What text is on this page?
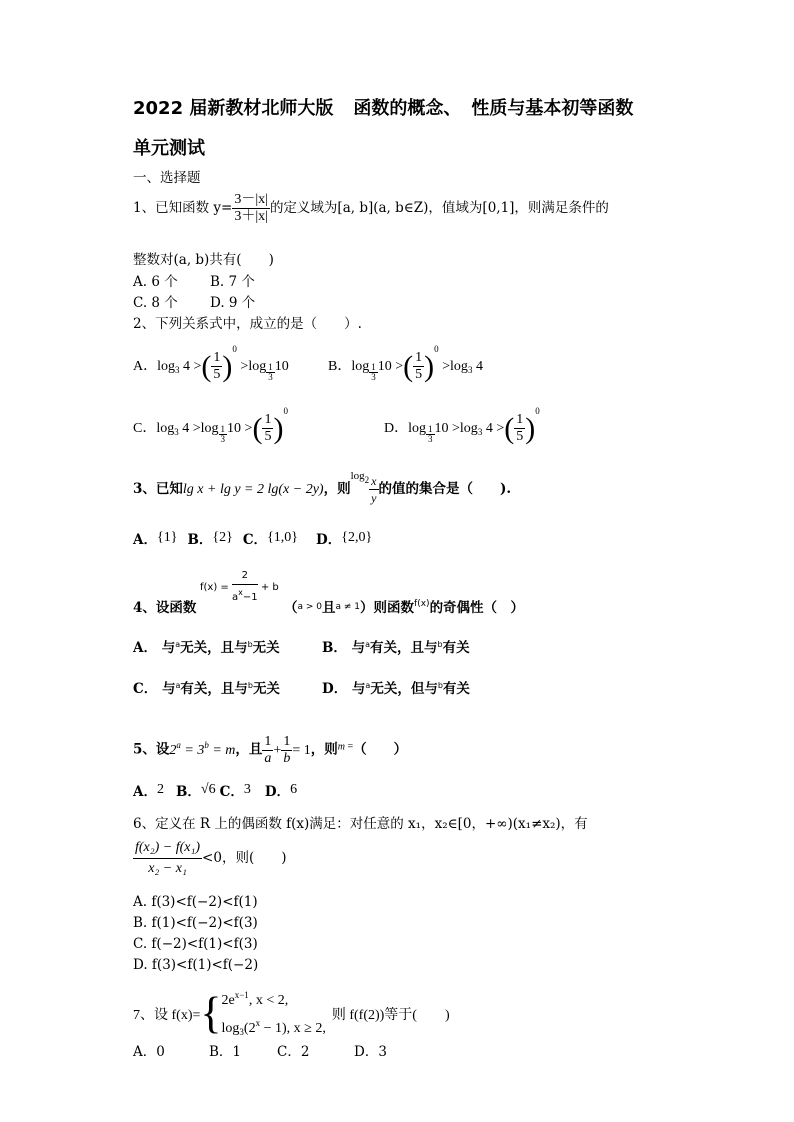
2022 届新教材北师大版 函数的概念、 性质与基本初等函数
单元测试
一、选择题
1、已知函数 $y= \frac{3-|x|}{3+|x|}$ 的定义域为[a, b](a, b∈Z)，值域为[0,1]，则满足条件的
整数对(a, b)共有(　　)
A. 6 个 B. 7 个
C. 8 个 D. 9 个
2、下列关系式中，成立的是（　　）.
A．$\log_3 4$ >( $\frac{1}{5} )^0 >\log \frac{1}{3} 10$	B．$\log \frac{1}{3} 10$ >( $\frac{1}{5} )^0 >\log_3$ 4
C．$\log_3 4 >\log \frac{1}{3} 10$ >( $\frac{1}{5} )^0$
D．$\log \frac{1}{3} 10 >\log_3$ 4 >( $\frac{1}{5} )^0$
3、已知lg x + lg y = 2 lg(x − 2y)，则$^{log2} \frac{x}{y}$ 的值的集合是（　　).
A．{1} B．{2} C．{1,0} D．{2,0}
4、设函数
$f(x) = \frac{2}{a^x-1} + b$
（$^{a > 0}$且$^{a \ne 1}$）则函数$^{f(x)}$的奇偶性（　）
A． 与$^a$无关，且与$^b$无关	B． 与$^a$有关，且与$^b$有关
C． 与$^a$有关，且与$^b$无关	D． 与$^a$无关，但与$^b$有关
5、设$2^a = 3^b = m$，且 $\frac{1}{a} + \frac{1}{b} = 1$，则$^m$ =（　　）
A．2 B．√6 C．3 D．6
6、定义在 R 上的偶函数 f(x)满足：对任意的 x₁，x₂∈[0，+∞)(x₁≠x₂)，有
$\frac{\text{f(x₂) − f(x₁)}}{\text{x₂ − x₁}} <0$，则(　　)
A. f(3)<f(−2)<f(1)
B. f(1)<f(−2)<f(3)
C. f(−2)<f(1)<f(3)
D. f(3)<f(1)<f(−2)
7、设 f(x)={ $2e^{x-1}$, x < 2,
$\log_3(2^x - 1)$, x ≥ 2,
则 f(f(2))等于(　　)
A．0	B．1	C．2	D．3
